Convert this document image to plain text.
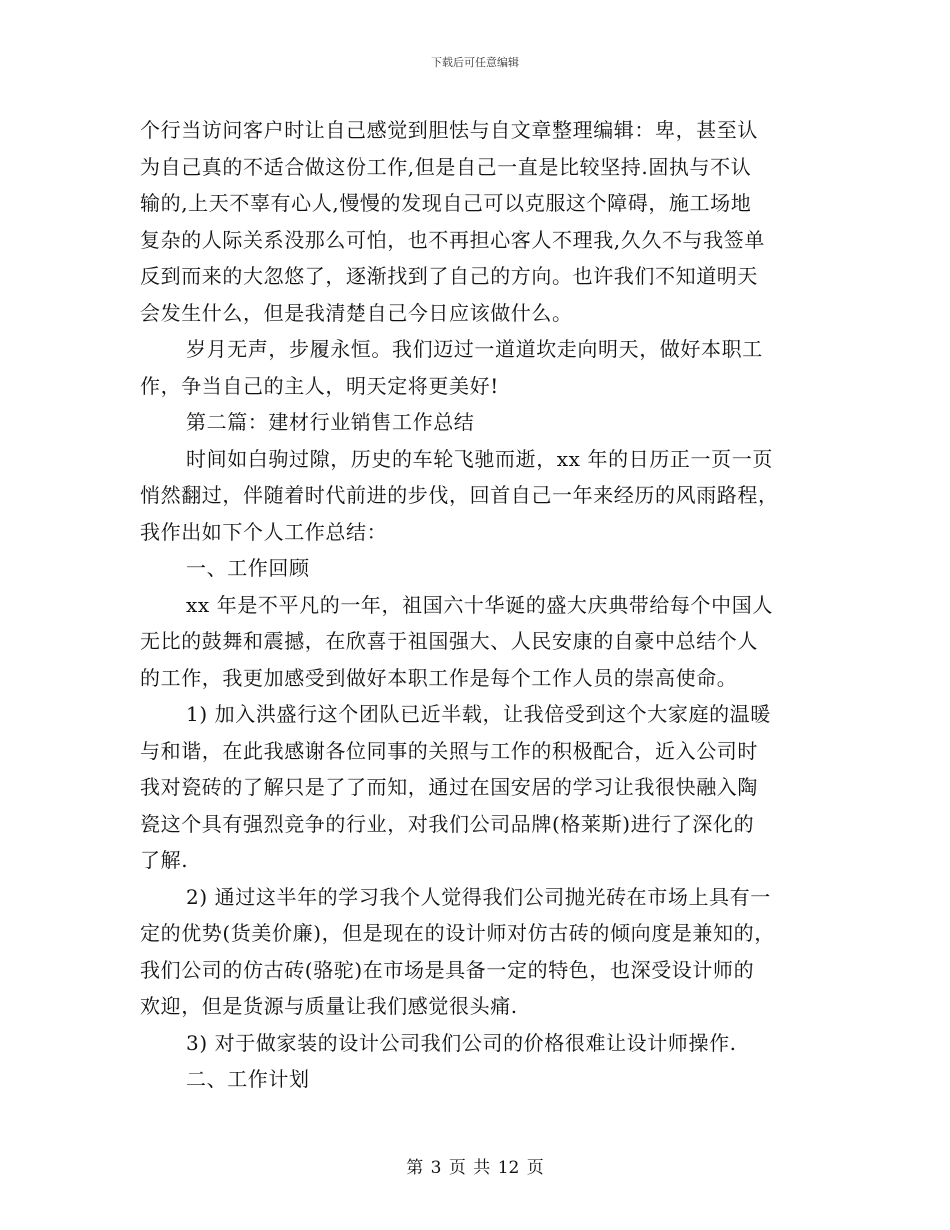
下载后可任意编辑
个行当访问客户时让自己感觉到胆怯与自文章整理编辑：卑，甚至认
为自己真的不适合做这份工作,但是自己一直是比较坚持.固执与不认
输的,上天不辜有心人,慢慢的发现自己可以克服这个障碍，施工场地
复杂的人际关系没那么可怕，也不再担心客人不理我,久久不与我签单
反到而来的大忽悠了，逐渐找到了自己的方向。也许我们不知道明天
会发生什么，但是我清楚自己今日应该做什么。
岁月无声，步履永恒。我们迈过一道道坎走向明天，做好本职工
作，争当自己的主人，明天定将更美好!
第二篇：建材行业销售工作总结
时间如白驹过隙，历史的车轮飞驰而逝，xx 年的日历正一页一页
悄然翻过，伴随着时代前进的步伐，回首自己一年来经历的风雨路程，
我作出如下个人工作总结：
一、工作回顾
xx 年是不平凡的一年，祖国六十华诞的盛大庆典带给每个中国人
无比的鼓舞和震撼，在欣喜于祖国强大、人民安康的自豪中总结个人
的工作，我更加感受到做好本职工作是每个工作人员的崇高使命。
1) 加入洪盛行这个团队已近半载，让我倍受到这个大家庭的温暖
与和谐，在此我感谢各位同事的关照与工作的积极配合，近入公司时
我对瓷砖的了解只是了了而知，通过在国安居的学习让我很快融入陶
瓷这个具有强烈竞争的行业，对我们公司品牌(格莱斯)进行了深化的
了解.
2) 通过这半年的学习我个人觉得我们公司抛光砖在市场上具有一
定的优势(货美价廉)，但是现在的设计师对仿古砖的倾向度是兼知的，
我们公司的仿古砖(骆驼)在市场是具备一定的特色，也深受设计师的
欢迎，但是货源与质量让我们感觉很头痛.
3) 对于做家装的设计公司我们公司的价格很难让设计师操作.
二、工作计划
第 3 页 共 12 页
